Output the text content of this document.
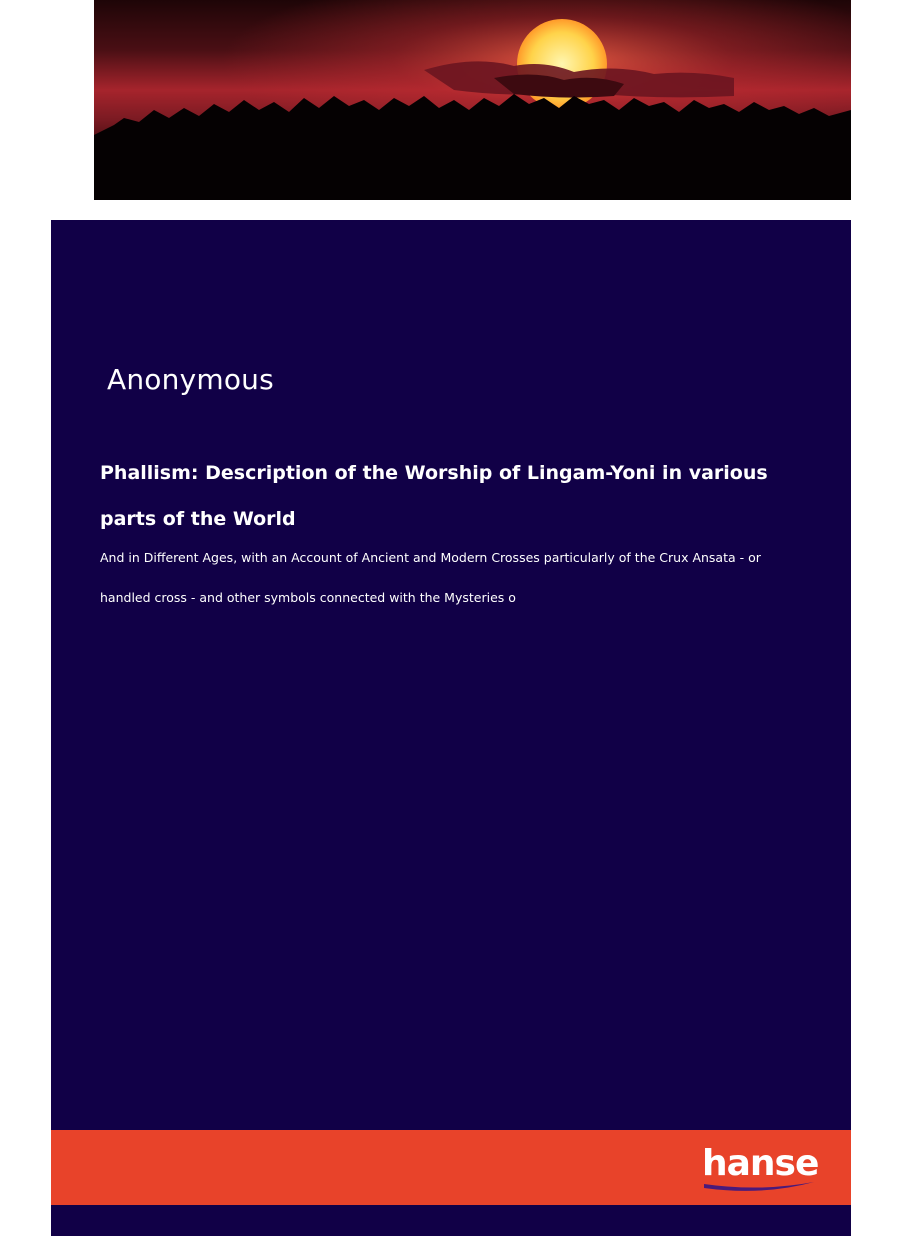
Anonymous

Phallism: Description of the Worship of Lingam-Yoni in various parts of the World

And in Different Ages, with an Account of Ancient and Modern Crosses particularly of the Crux Ansata - or handled cross - and other symbols connected with the Mysteries o

hanse
